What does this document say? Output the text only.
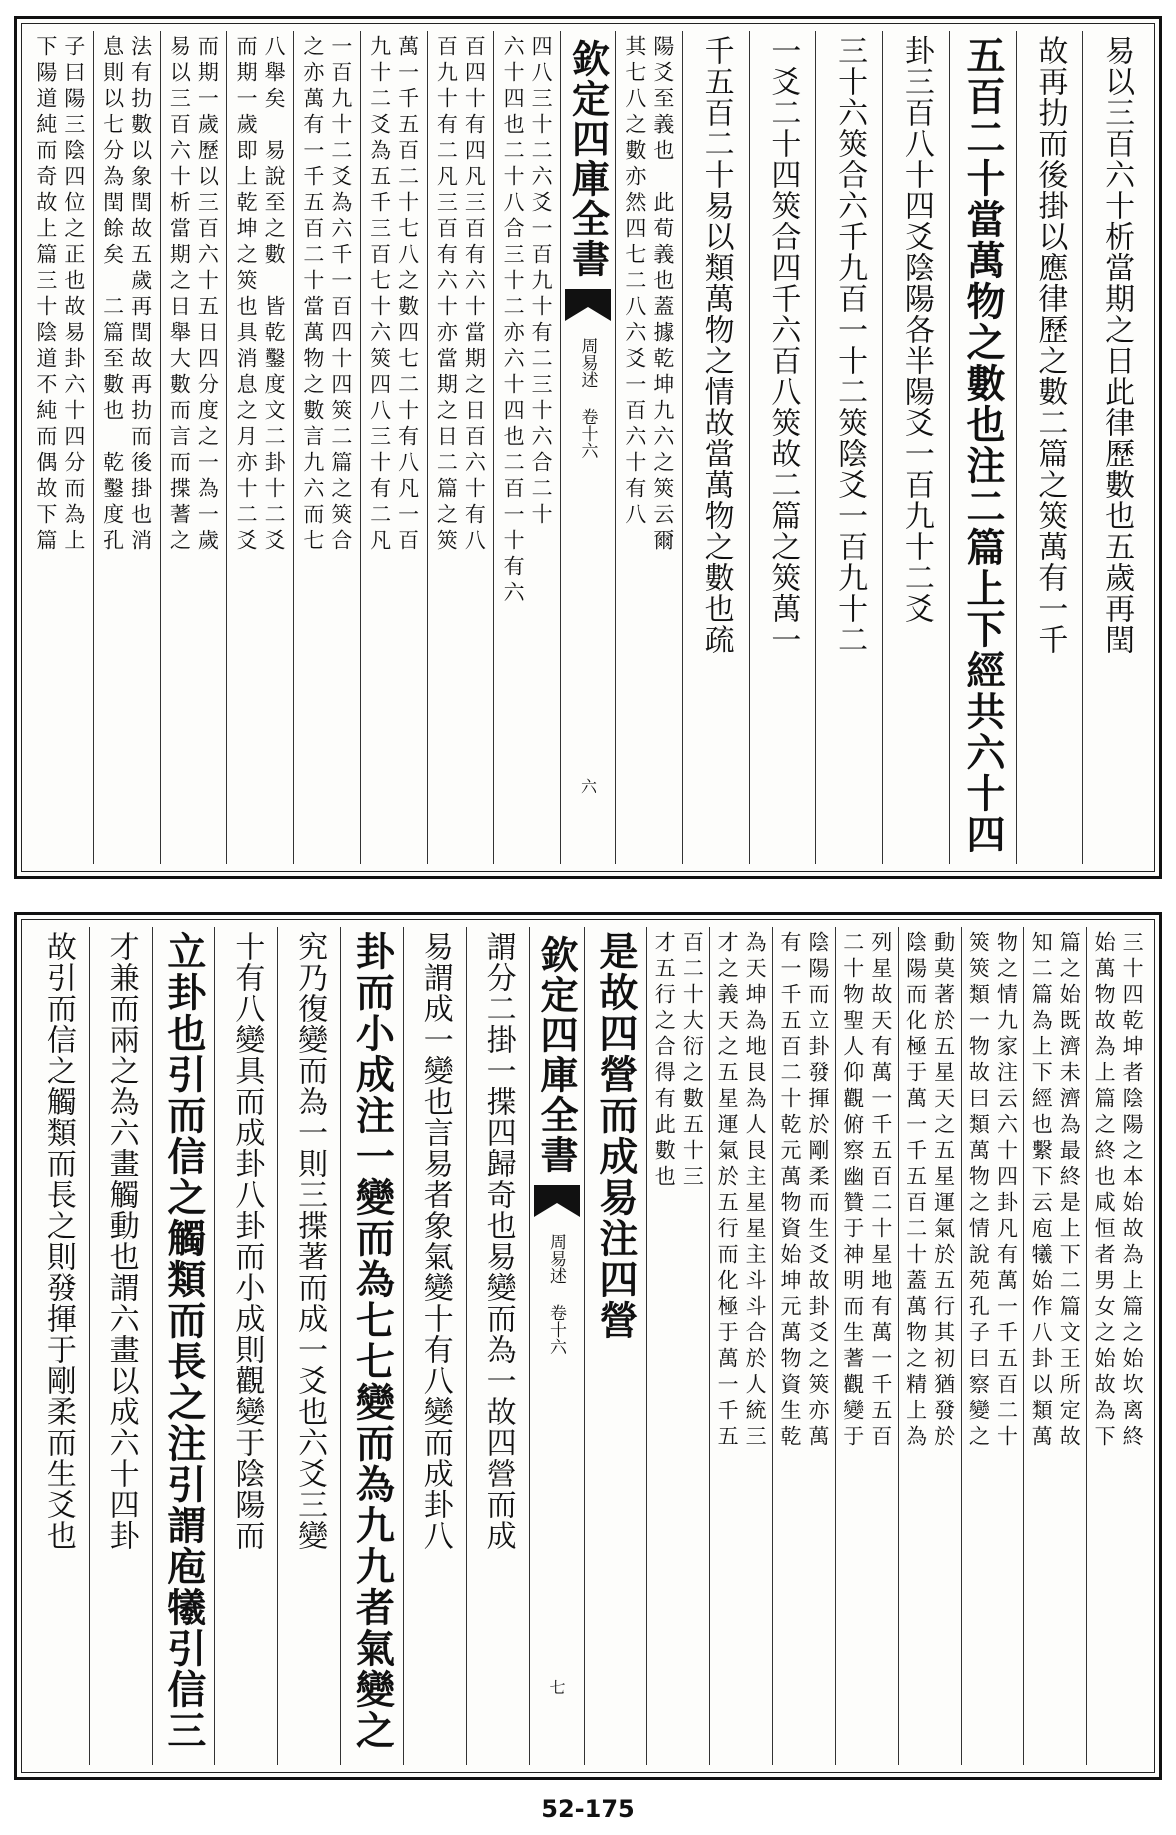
易以三百六十析當期之日此律歷數也五歲再閏
故再扐而後掛以應律歷之數二篇之筴萬有一千
五百二十當萬物之數也注二篇上下經共六十四
卦三百八十四爻陰陽各半陽爻一百九十二爻
三十六筴合六千九百一十二筴陰爻一百九十二
一爻二十四筴合四千六百八筴故二篇之筴萬一
千五百二十易以類萬物之情故當萬物之數也疏
陽爻至義也　此荀義也蓋據乾坤九六之筴云爾
其七八之數亦然四七二八六爻一百六十有八
欽定四庫全書
周易述 卷十六
六
四八三十二六爻一百九十有二三十六合二十
六十四也二十八合三十二亦六十四也二百一十有六
百四十有四凡三百有六十當期之日百六十有八
百九十有二凡三百有六十亦當期之日二篇之筴
萬一千五百二十七八之數四七二十有八凡一百
九十二爻為五千三百七十六筴四八三十有二凡
一百九十二爻為六千一百四十四筴二篇之筴合
之亦萬有一千五百二十當萬物之數言九六而七
八舉矣　易說至之數　皆乾鑿度文二卦十二爻
而期一歲即上乾坤之筴也具消息之月亦十二爻
而期一歲歷以三百六十五日四分度之一為一歲
易以三百六十析當期之日舉大數而言而揲蓍之
法有扐數以象閏故五歲再閏故再扐而後掛也消
息則以七分為閏餘矣　二篇至數也　乾鑿度孔
子曰陽三陰四位之正也故易卦六十四分而為上
下陽道純而奇故上篇三十陰道不純而偶故下篇
三十四乾坤者陰陽之本始故為上篇之始坎离終
始萬物故為上篇之終也咸恒者男女之始故為下
篇之始既濟未濟為最終是上下二篇文王所定故
知二篇為上下經也繫下云庖犧始作八卦以類萬
物之情九家注云六十四卦凡有萬一千五百二十
筴筴類一物故曰類萬物之情說苑孔子曰察變之
動莫著於五星天之五星運氣於五行其初猶發於
陰陽而化極于萬一千五百二十蓋萬物之精上為
列星故天有萬一千五百二十星地有萬一千五百
二十物聖人仰觀俯察幽贊于神明而生蓍觀變于
陰陽而立卦發揮於剛柔而生爻故卦爻之筴亦萬
有一千五百二十乾元萬物資始坤元萬物資生乾
為天坤為地艮為人艮主星星主斗斗合於人統三
才之義天之五星運氣於五行而化極于萬一千五
百二十大衍之數五十三
才五行之合得有此數也
是故四營而成易注四營
欽定四庫全書
周易述 卷十六
七
謂分二掛一揲四歸奇也易變而為一故四營而成
易謂成一變也言易者象氣變十有八變而成卦八
卦而小成注一變而為七七變而為九九者氣變之
究乃復變而為一則三揲著而成一爻也六爻三變
十有八變具而成卦八卦而小成則觀變于陰陽而
立卦也引而信之觸類而長之注引謂庖犧引信三
才兼而兩之為六畫觸動也謂六畫以成六十四卦
故引而信之觸類而長之則發揮于剛柔而生爻也
52-175
